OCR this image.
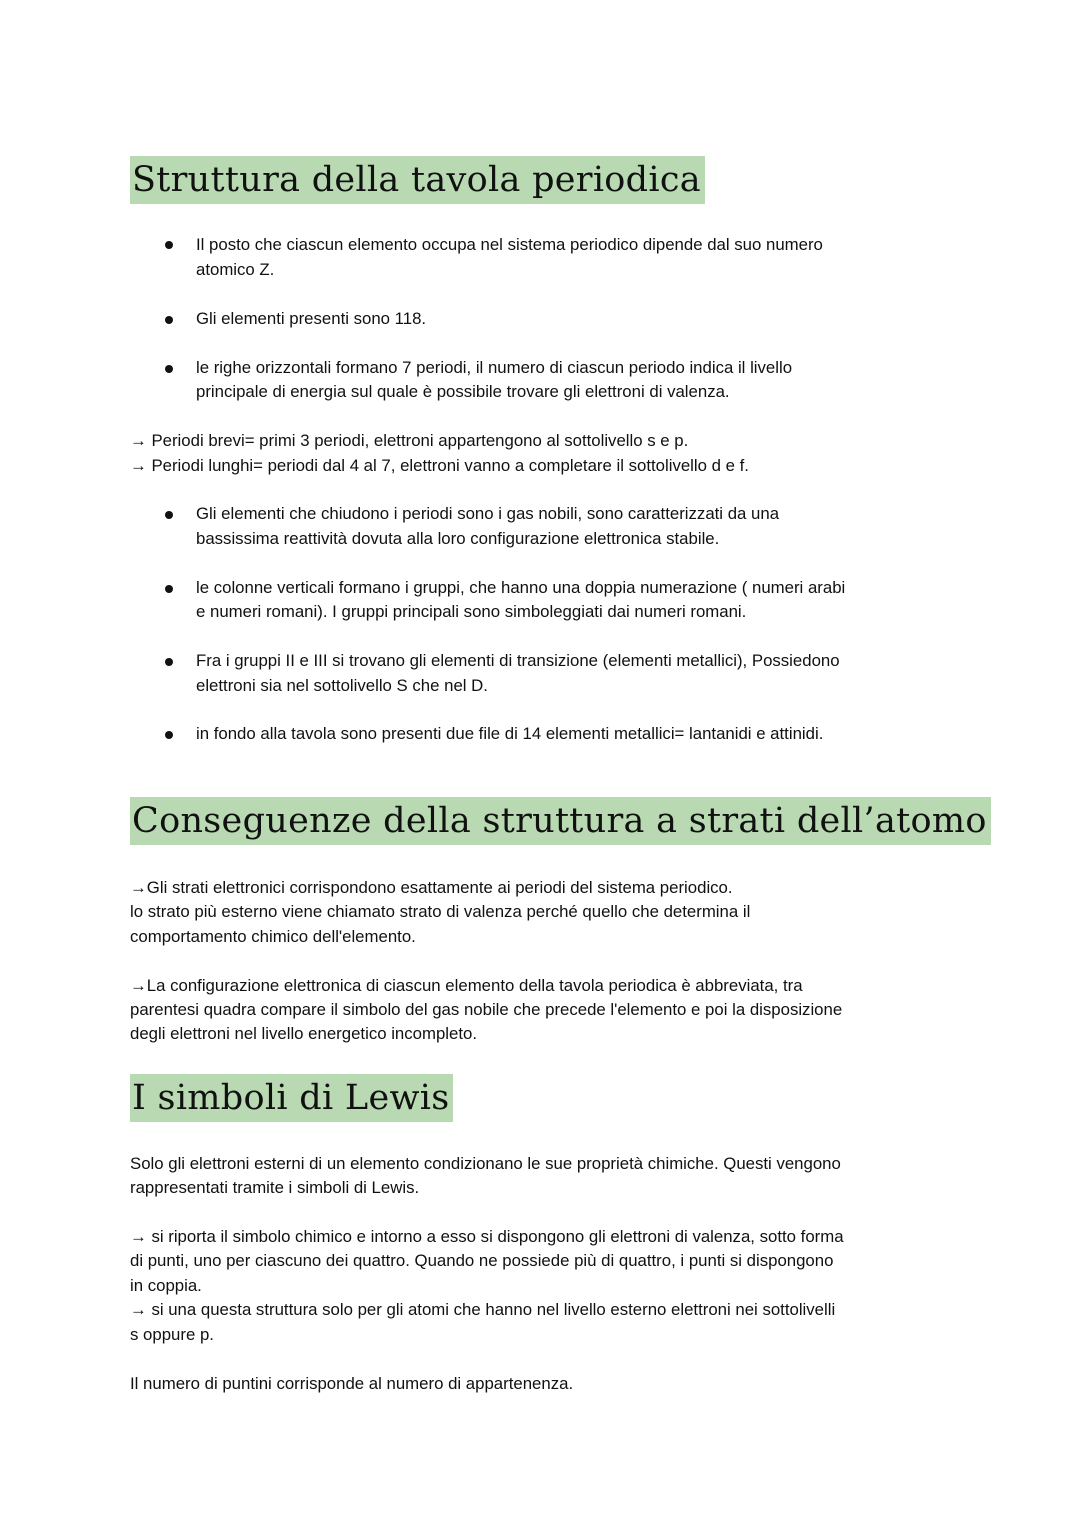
Struttura della tavola periodica
Il posto che ciascun elemento occupa nel sistema periodico dipende dal suo numero
atomico Z.
Gli elementi presenti sono 118.
le righe orizzontali formano 7 periodi, il numero di ciascun periodo indica il livello
principale di energia sul quale è possibile trovare gli elettroni di valenza.
→ Periodi brevi= primi 3 periodi, elettroni appartengono al sottolivello s e p.
→ Periodi lunghi= periodi dal 4 al 7, elettroni vanno a completare il sottolivello d e f.
Gli elementi che chiudono i periodi sono i gas nobili, sono caratterizzati da una
bassissima reattività dovuta alla loro configurazione elettronica stabile.
le colonne verticali formano i gruppi, che hanno una doppia numerazione ( numeri arabi
e numeri romani). I gruppi principali sono simboleggiati dai numeri romani.
Fra i gruppi II e III si trovano gli elementi di transizione (elementi metallici), Possiedono
elettroni sia nel sottolivello S che nel D.
in fondo alla tavola sono presenti due file di 14 elementi metallici= lantanidi e attinidi.
Conseguenze della struttura a strati dell’atomo
→Gli strati elettronici corrispondono esattamente ai periodi del sistema periodico.
lo strato più esterno viene chiamato strato di valenza perché quello che determina il
comportamento chimico dell'elemento.
→La configurazione elettronica di ciascun elemento della tavola periodica è abbreviata, tra
parentesi quadra compare il simbolo del gas nobile che precede l'elemento e poi la disposizione
degli elettroni nel livello energetico incompleto.
I simboli di Lewis
Solo gli elettroni esterni di un elemento condizionano le sue proprietà chimiche. Questi vengono
rappresentati tramite i simboli di Lewis.
→ si riporta il simbolo chimico e intorno a esso si dispongono gli elettroni di valenza, sotto forma
di punti, uno per ciascuno dei quattro. Quando ne possiede più di quattro, i punti si dispongono
in coppia.
→ si una questa struttura solo per gli atomi che hanno nel livello esterno elettroni nei sottolivelli
s oppure p.
Il numero di puntini corrisponde al numero di appartenenza.
